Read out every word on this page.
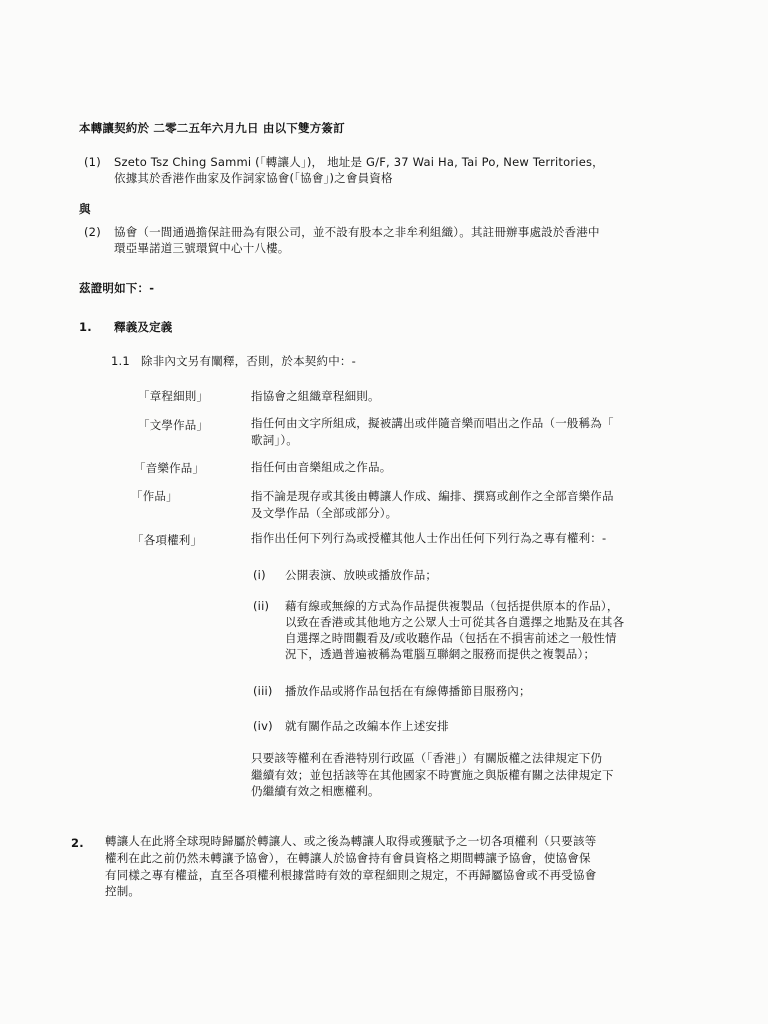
本轉讓契約於 二零二五年六月九日 由以下雙方簽訂
(1) Szeto Tsz Ching Sammi (「轉讓人」)， 地址是 G/F, 37 Wai Ha, Tai Po, New Territories，
依據其於香港作曲家及作詞家協會(「協會」)之會員資格
與
(2) 協會（一間通過擔保註冊為有限公司，並不設有股本之非牟利組織）。其註冊辦事處設於香港中
環亞畢諾道三號環貿中心十八樓。
茲證明如下：-
1. 釋義及定義
1.1 除非內文另有闡釋，否則，於本契約中：-
「章程細則」	指協會之組織章程細則。
「文學作品」	指任何由文字所組成，擬被講出或伴隨音樂而唱出之作品（一般稱為「
歌詞」）。
「音樂作品」	指任何由音樂組成之作品。
「作品」	指不論是現存或其後由轉讓人作成、編排、撰寫或創作之全部音樂作品
及文學作品（全部或部分）。
「各項權利」	指作出任何下列行為或授權其他人士作出任何下列行為之專有權利：-
(i) 公開表演、放映或播放作品；
(ii) 藉有線或無線的方式為作品提供複製品（包括提供原本的作品），
以致在香港或其他地方之公眾人士可從其各自選擇之地點及在其各
自選擇之時間觀看及/或收聽作品（包括在不損害前述之一般性情
況下，透過普遍被稱為電腦互聯網之服務而提供之複製品）；
(iii) 播放作品或將作品包括在有線傳播節目服務內；
(iv) 就有關作品之改編本作上述安排
只要該等權利在香港特別行政區（「香港」）有關版權之法律規定下仍
繼續有效；並包括該等在其他國家不時實施之與版權有關之法律規定下
仍繼續有效之相應權利。
2. 轉讓人在此將全球現時歸屬於轉讓人、或之後為轉讓人取得或獲賦予之一切各項權利（只要該等
權利在此之前仍然未轉讓予協會），在轉讓人於協會持有會員資格之期間轉讓予協會，使協會保
有同樣之專有權益，直至各項權利根據當時有效的章程細則之規定，不再歸屬協會或不再受協會
控制。
